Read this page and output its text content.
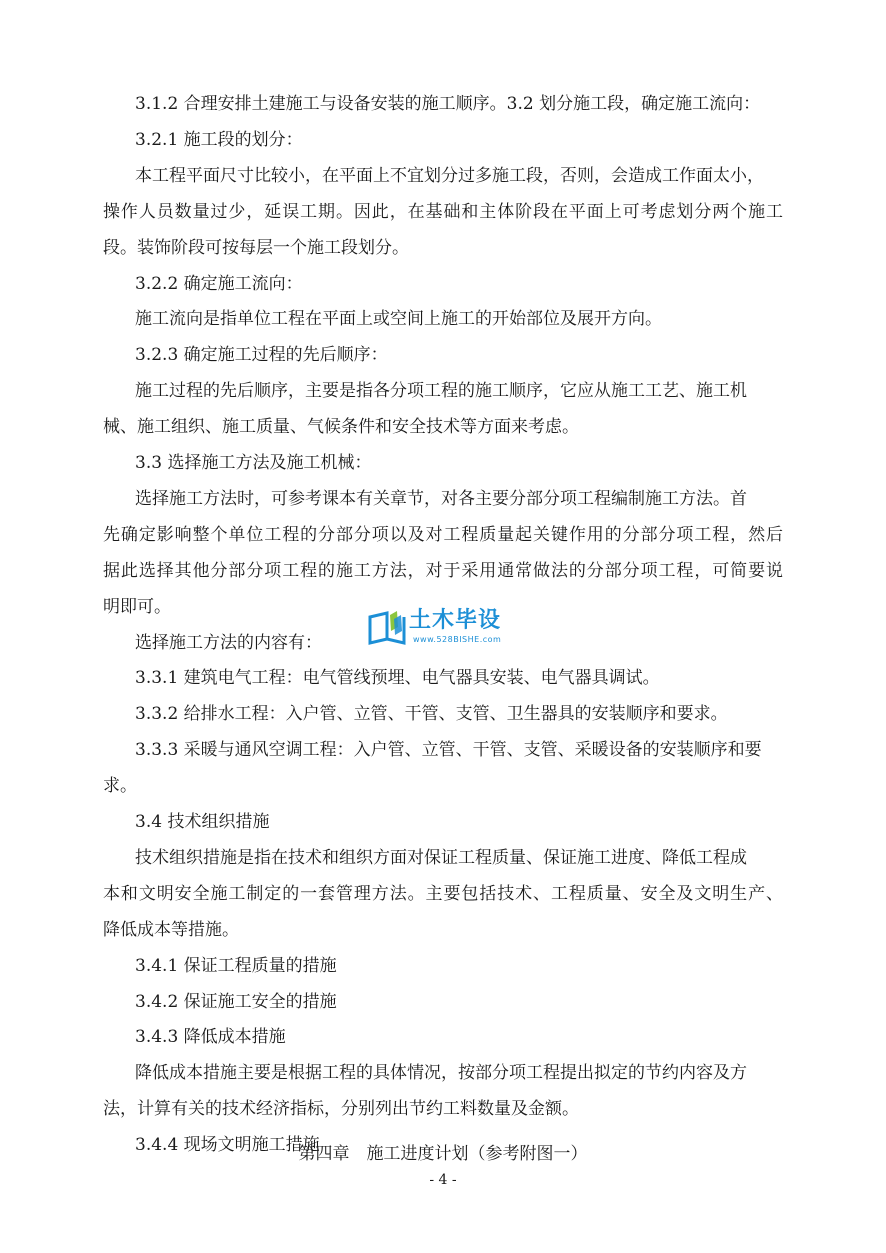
3.1.2 合理安排土建施工与设备安装的施工顺序。3.2 划分施工段，确定施工流向：
3.2.1 施工段的划分：
本工程平面尺寸比较小，在平面上不宜划分过多施工段，否则，会造成工作面太小，
操作人员数量过少，延误工期。因此，在基础和主体阶段在平面上可考虑划分两个施工
段。装饰阶段可按每层一个施工段划分。
3.2.2 确定施工流向：
施工流向是指单位工程在平面上或空间上施工的开始部位及展开方向。
3.2.3 确定施工过程的先后顺序：
施工过程的先后顺序，主要是指各分项工程的施工顺序，它应从施工工艺、施工机
械、施工组织、施工质量、气候条件和安全技术等方面来考虑。
3.3 选择施工方法及施工机械：
选择施工方法时，可参考课本有关章节，对各主要分部分项工程编制施工方法。首
先确定影响整个单位工程的分部分项以及对工程质量起关键作用的分部分项工程，然后
据此选择其他分部分项工程的施工方法，对于采用通常做法的分部分项工程，可简要说
明即可。
选择施工方法的内容有：
3.3.1 建筑电气工程：电气管线预埋、电气器具安装、电气器具调试。
3.3.2 给排水工程：入户管、立管、干管、支管、卫生器具的安装顺序和要求。
3.3.3 采暖与通风空调工程：入户管、立管、干管、支管、采暖设备的安装顺序和要
求。
3.4 技术组织措施
技术组织措施是指在技术和组织方面对保证工程质量、保证施工进度、降低工程成
本和文明安全施工制定的一套管理方法。主要包括技术、工程质量、安全及文明生产、
降低成本等措施。
3.4.1 保证工程质量的措施
3.4.2 保证施工安全的措施
3.4.3 降低成本措施
降低成本措施主要是根据工程的具体情况，按部分项工程提出拟定的节约内容及方
法，计算有关的技术经济指标，分别列出节约工料数量及金额。
3.4.4 现场文明施工措施
第四章　施工进度计划（参考附图一）
- 4 -
土木毕设
www.528BISHE.com
